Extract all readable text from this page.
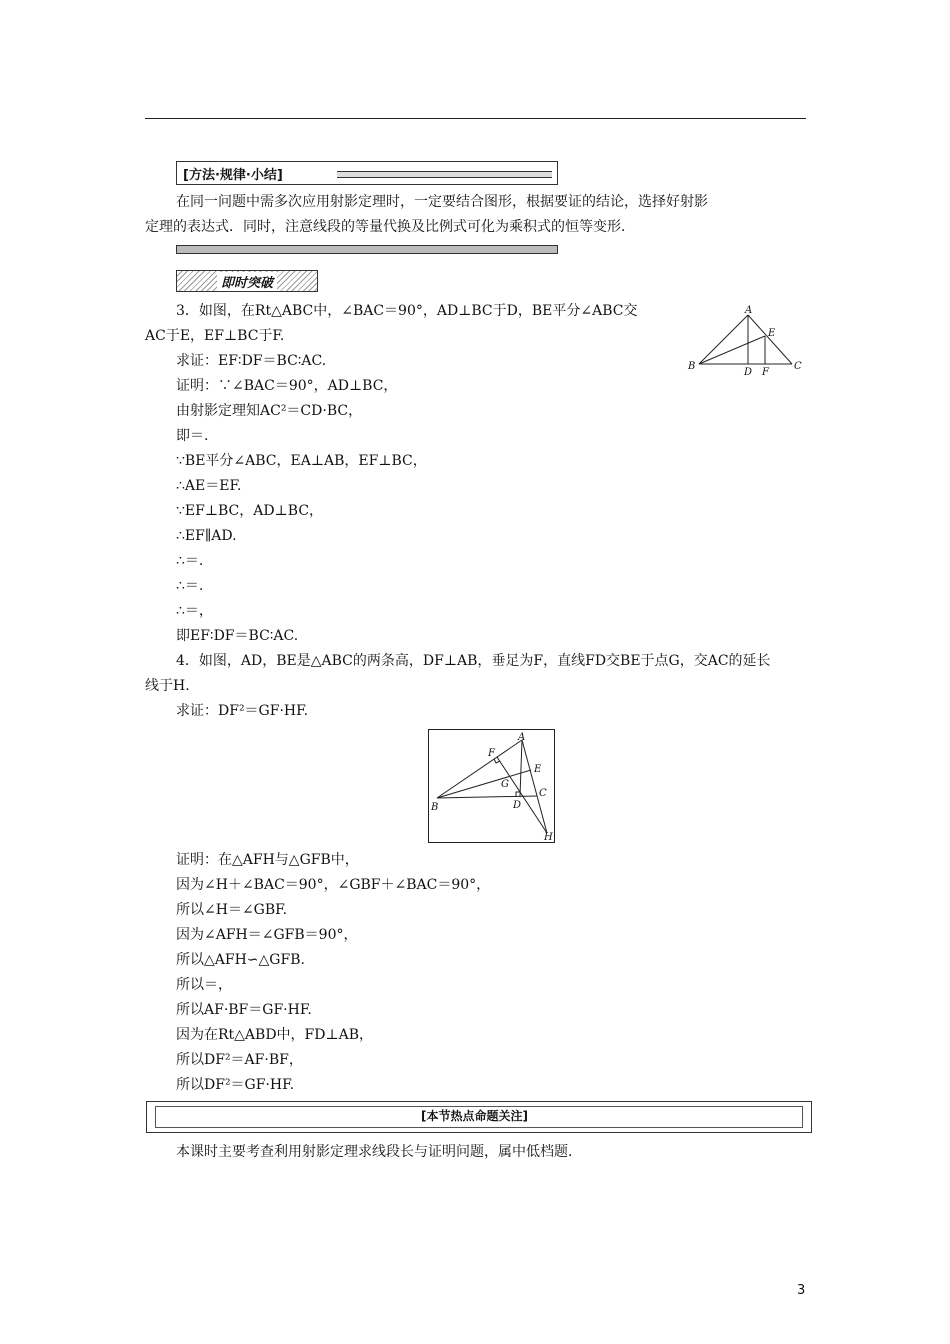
[方法·规律·小结]
在同一问题中需多次应用射影定理时，一定要结合图形，根据要证的结论，选择好射影
定理的表达式．同时，注意线段的等量代换及比例式可化为乘积式的恒等变形．
即时突破
3．如图，在Rt△ABC中，∠BAC＝90°，AD⊥BC于D，BE平分∠ABC交
AC于E，EF⊥BC于F.
求证：EF∶DF＝BC∶AC.
证明：∵∠BAC＝90°，AD⊥BC，
由射影定理知AC²＝CD·BC，
即＝.
∵BE平分∠ABC，EA⊥AB，EF⊥BC，
∴AE＝EF.
∵EF⊥BC，AD⊥BC，
∴EF∥AD.
∴＝.
∴＝.
∴＝，
即EF∶DF＝BC∶AC.
A
B	C
D
E
F
4．如图，AD，BE是△ABC的两条高，DF⊥AB，垂足为F，直线FD交BE于点G，交AC的延长
线于H.
求证：DF²＝GF·HF.
A
B
C
D
E
F
G
H
证明：在△AFH与△GFB中，
因为∠H＋∠BAC＝90°，∠GBF＋∠BAC＝90°，
所以∠H＝∠GBF.
因为∠AFH＝∠GFB＝90°，
所以△AFH∽△GFB.
所以＝，
所以AF·BF＝GF·HF.
因为在Rt△ABD中，FD⊥AB，
所以DF²＝AF·BF，
所以DF²＝GF·HF.
[本节热点命题关注]
本课时主要考查利用射影定理求线段长与证明问题，属中低档题．
3
